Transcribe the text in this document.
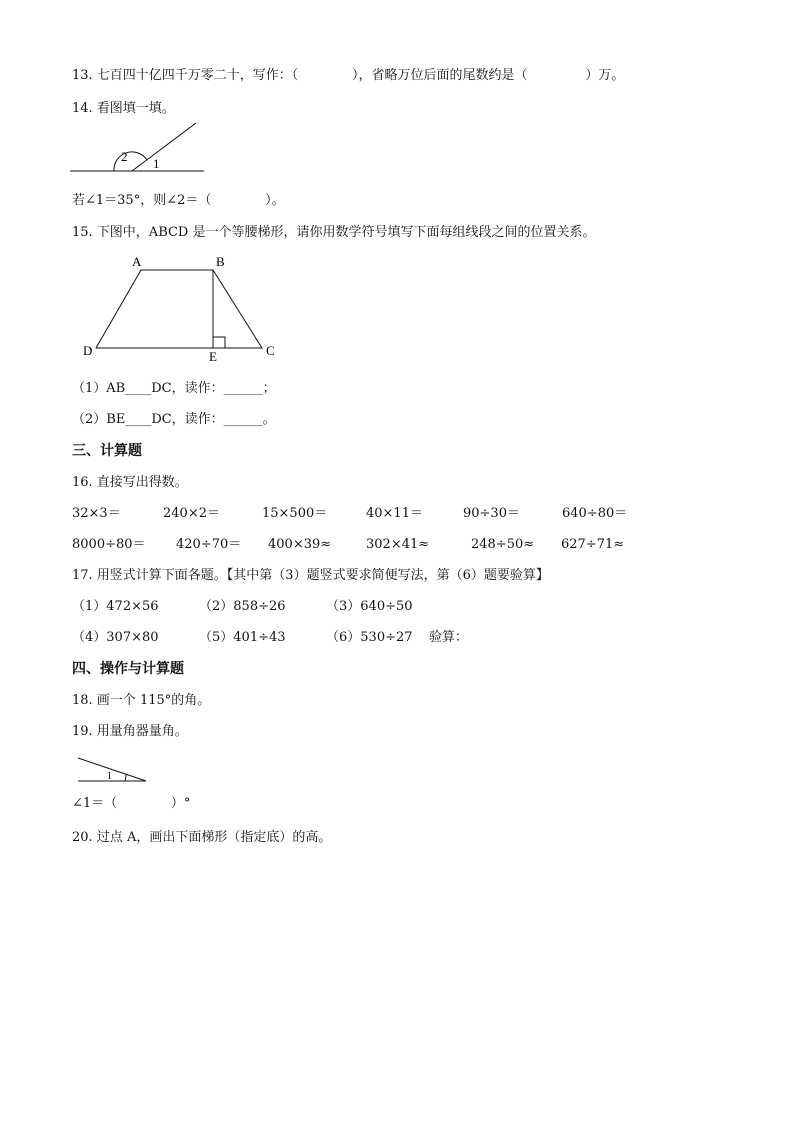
13. 七百四十亿四千万零二十，写作：（             ），省略万位后面的尾数约是（              ）万。
14. 看图填一填。
2 1
若∠1＝35°，则∠2＝（             ）。
15. 下图中，ABCD 是一个等腰梯形，请你用数学符号填写下面每组线段之间的位置关系。
A	B
C
D	E
（1）AB____DC，读作：______；
（2）BE____DC，读作：______。
三、计算题
16. 直接写出得数。
32×3＝	240×2＝	15×500＝	40×11＝	90÷30＝	640÷80＝
8000÷80＝ 420÷70＝ 400×39≈	302×41≈	248÷50≈ 627÷71≈
17. 用竖式计算下面各题。【其中第（3）题竖式要求简便写法，第（6）题要验算】
（1）472×56	（2）858÷26	（3）640÷50
（4）307×80	（5）401÷43	（6）530÷27    验算：
四、操作与计算题
18. 画一个 115°的角。
19. 用量角器量角。
1
∠1＝（             ）°
20. 过点 A，画出下面梯形（指定底）的高。
